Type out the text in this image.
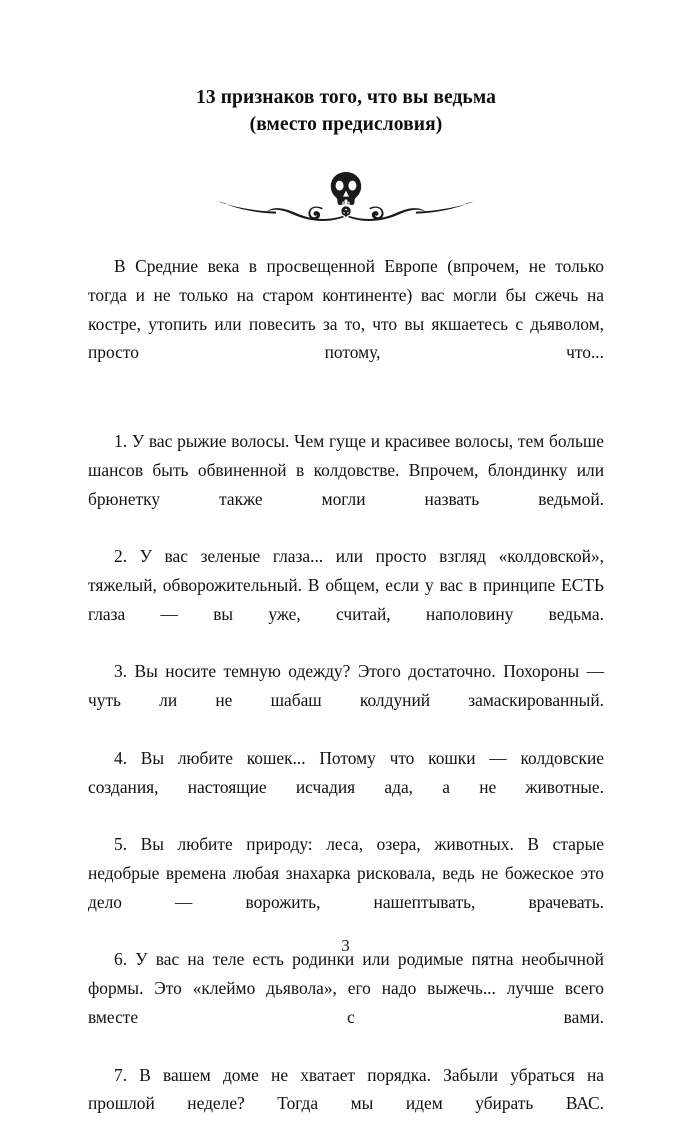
13 признаков того, что вы ведьма
(вместо предисловия)

В Средние века в просвещенной Европе (впрочем, не только тогда и не только на старом континенте) вас могли бы сжечь на костре, утопить или повесить за то, что вы якшаетесь с дьяволом, просто потому, что...

1. У вас рыжие волосы. Чем гуще и красивее волосы, тем больше шансов быть обвиненной в колдовстве. Впрочем, блондинку или брюнетку также могли назвать ведьмой.

2. У вас зеленые глаза... или просто взгляд «колдовской», тяжелый, обворожительный. В общем, если у вас в принципе ЕСТЬ глаза — вы уже, считай, наполовину ведьма.

3. Вы носите темную одежду? Этого достаточно. Похороны — чуть ли не шабаш колдуний замаскированный.

4. Вы любите кошек... Потому что кошки — колдовские создания, настоящие исчадия ада, а не животные.

5. Вы любите природу: леса, озера, животных. В старые недобрые времена любая знахарка рисковала, ведь не божеское это дело — ворожить, нашептывать, врачевать.

6. У вас на теле есть родинки или родимые пятна необычной формы. Это «клеймо дьявола», его надо выжечь... лучше всего вместе с вами.

7. В вашем доме не хватает порядка. Забыли убраться на прошлой неделе? Тогда мы идем убирать ВАС.

3
